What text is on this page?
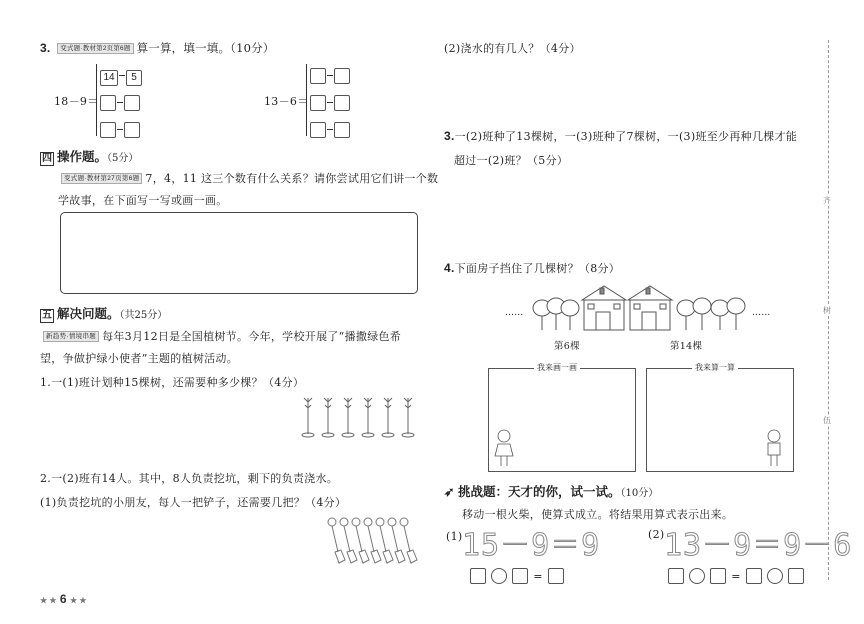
3. 变式题·教材第2页第6题 算一算，填一填。（10分）
18－9＝
14 5
13－6＝
四 操作题。（5分）
变式题·教材第27页第6题 7，4，11 这三个数有什么关系？请你尝试用它们讲一个数
学故事，在下面写一写或画一画。
五 解决问题。（共25分）
新趋势·情境串题 每年3月12日是全国植树节。今年，学校开展了“播撒绿色希
望，争做护绿小使者”主题的植树活动。
1.一(1)班计划种15棵树，还需要种多少棵？（4分）
2.一(2)班有14人。其中，8人负责挖坑，剩下的负责浇水。
(1)负责挖坑的小朋友，每人一把铲子，还需要几把？（4分）
★ ★ 6 ★ ★
(2)浇水的有几人？（4分）
3.一(2)班种了13棵树，一(3)班种了7棵树，一(3)班至少再种几棵才能
超过一(2)班？（5分）
4.下面房子挡住了几棵树？（8分）
……	……
第6棵	第14棵
我来画一画	我来算一算
➶ 挑战题：天才的你，试一试。（10分）
移动一根火柴，使算式成立。将结果用算式表示出来。
(1) 15－9＝9
=
(2) 13－9＝9－6
=
齐
树
伍
